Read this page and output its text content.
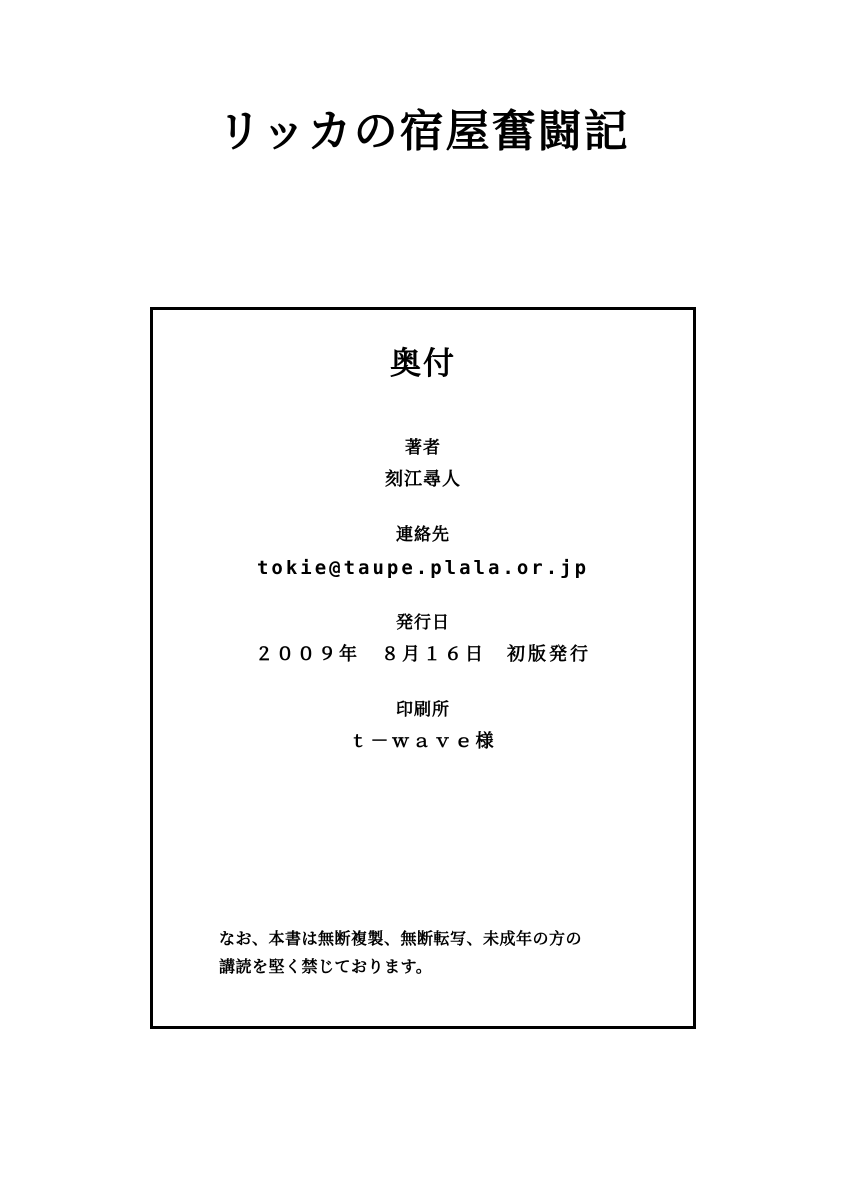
リッカの宿屋奮闘記
奥付
著者
刻江尋人
連絡先
tokie@taupe.plala.or.jp
発行日
２００９年　８月１６日　初版発行
印刷所
ｔ－ｗａｖｅ様
なお、本書は無断複製、無断転写、未成年の方の
講読を堅く禁じております。
